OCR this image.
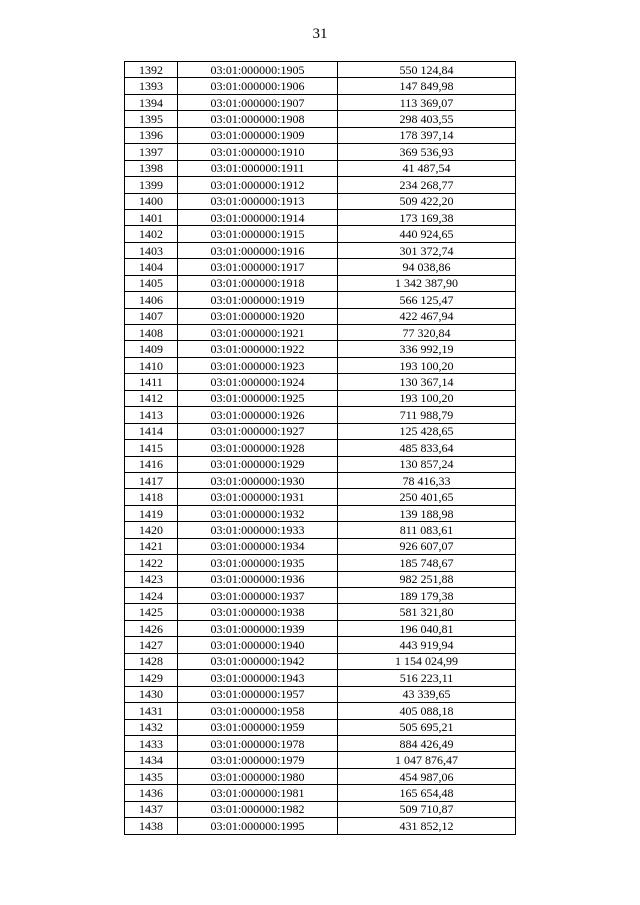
31
1392	03:01:000000:1905	550 124,84
1393	03:01:000000:1906	147 849,98
1394	03:01:000000:1907	113 369,07
1395	03:01:000000:1908	298 403,55
1396	03:01:000000:1909	178 397,14
1397	03:01:000000:1910	369 536,93
1398	03:01:000000:1911	41 487,54
1399	03:01:000000:1912	234 268,77
1400	03:01:000000:1913	509 422,20
1401	03:01:000000:1914	173 169,38
1402	03:01:000000:1915	440 924,65
1403	03:01:000000:1916	301 372,74
1404	03:01:000000:1917	94 038,86
1405	03:01:000000:1918	1 342 387,90
1406	03:01:000000:1919	566 125,47
1407	03:01:000000:1920	422 467,94
1408	03:01:000000:1921	77 320,84
1409	03:01:000000:1922	336 992,19
1410	03:01:000000:1923	193 100,20
1411	03:01:000000:1924	130 367,14
1412	03:01:000000:1925	193 100,20
1413	03:01:000000:1926	711 988,79
1414	03:01:000000:1927	125 428,65
1415	03:01:000000:1928	485 833,64
1416	03:01:000000:1929	130 857,24
1417	03:01:000000:1930	78 416,33
1418	03:01:000000:1931	250 401,65
1419	03:01:000000:1932	139 188,98
1420	03:01:000000:1933	811 083,61
1421	03:01:000000:1934	926 607,07
1422	03:01:000000:1935	185 748,67
1423	03:01:000000:1936	982 251,88
1424	03:01:000000:1937	189 179,38
1425	03:01:000000:1938	581 321,80
1426	03:01:000000:1939	196 040,81
1427	03:01:000000:1940	443 919,94
1428	03:01:000000:1942	1 154 024,99
1429	03:01:000000:1943	516 223,11
1430	03:01:000000:1957	43 339,65
1431	03:01:000000:1958	405 088,18
1432	03:01:000000:1959	505 695,21
1433	03:01:000000:1978	884 426,49
1434	03:01:000000:1979	1 047 876,47
1435	03:01:000000:1980	454 987,06
1436	03:01:000000:1981	165 654,48
1437	03:01:000000:1982	509 710,87
1438	03:01:000000:1995	431 852,12
